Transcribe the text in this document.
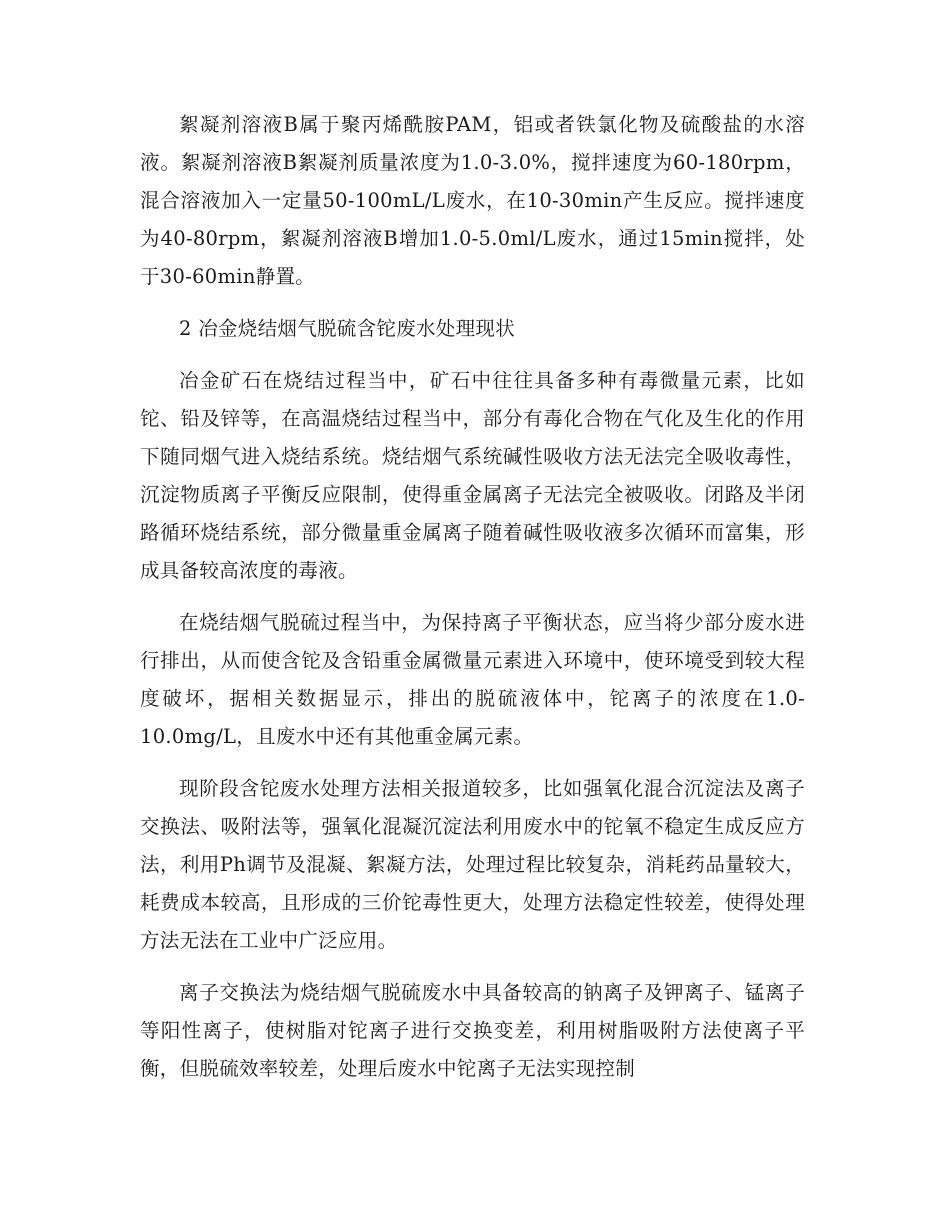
絮凝剂溶液B属于聚丙烯酰胺PAM，铝或者铁氯化物及硫酸盐的水溶液。絮凝剂溶液B絮凝剂质量浓度为1.0-3.0%，搅拌速度为60-180rpm，混合溶液加入一定量50-100mL/L废水，在10-30min产生反应。搅拌速度为40-80rpm，絮凝剂溶液B增加1.0-5.0ml/L废水，通过15min搅拌，处于30-60min静置。

2 冶金烧结烟气脱硫含铊废水处理现状

冶金矿石在烧结过程当中，矿石中往往具备多种有毒微量元素，比如铊、铅及锌等，在高温烧结过程当中，部分有毒化合物在气化及生化的作用下随同烟气进入烧结系统。烧结烟气系统碱性吸收方法无法完全吸收毒性，沉淀物质离子平衡反应限制，使得重金属离子无法完全被吸收。闭路及半闭路循环烧结系统，部分微量重金属离子随着碱性吸收液多次循环而富集，形成具备较高浓度的毒液。

在烧结烟气脱硫过程当中，为保持离子平衡状态，应当将少部分废水进行排出，从而使含铊及含铅重金属微量元素进入环境中，使环境受到较大程度破坏，据相关数据显示，排出的脱硫液体中，铊离子的浓度在1.0-10.0mg/L，且废水中还有其他重金属元素。

现阶段含铊废水处理方法相关报道较多，比如强氧化混合沉淀法及离子交换法、吸附法等，强氧化混凝沉淀法利用废水中的铊氧不稳定生成反应方法，利用Ph调节及混凝、絮凝方法，处理过程比较复杂，消耗药品量较大，耗费成本较高，且形成的三价铊毒性更大，处理方法稳定性较差，使得处理方法无法在工业中广泛应用。

离子交换法为烧结烟气脱硫废水中具备较高的钠离子及钾离子、锰离子等阳性离子，使树脂对铊离子进行交换变差，利用树脂吸附方法使离子平衡，但脱硫效率较差，处理后废水中铊离子无法实现控制
